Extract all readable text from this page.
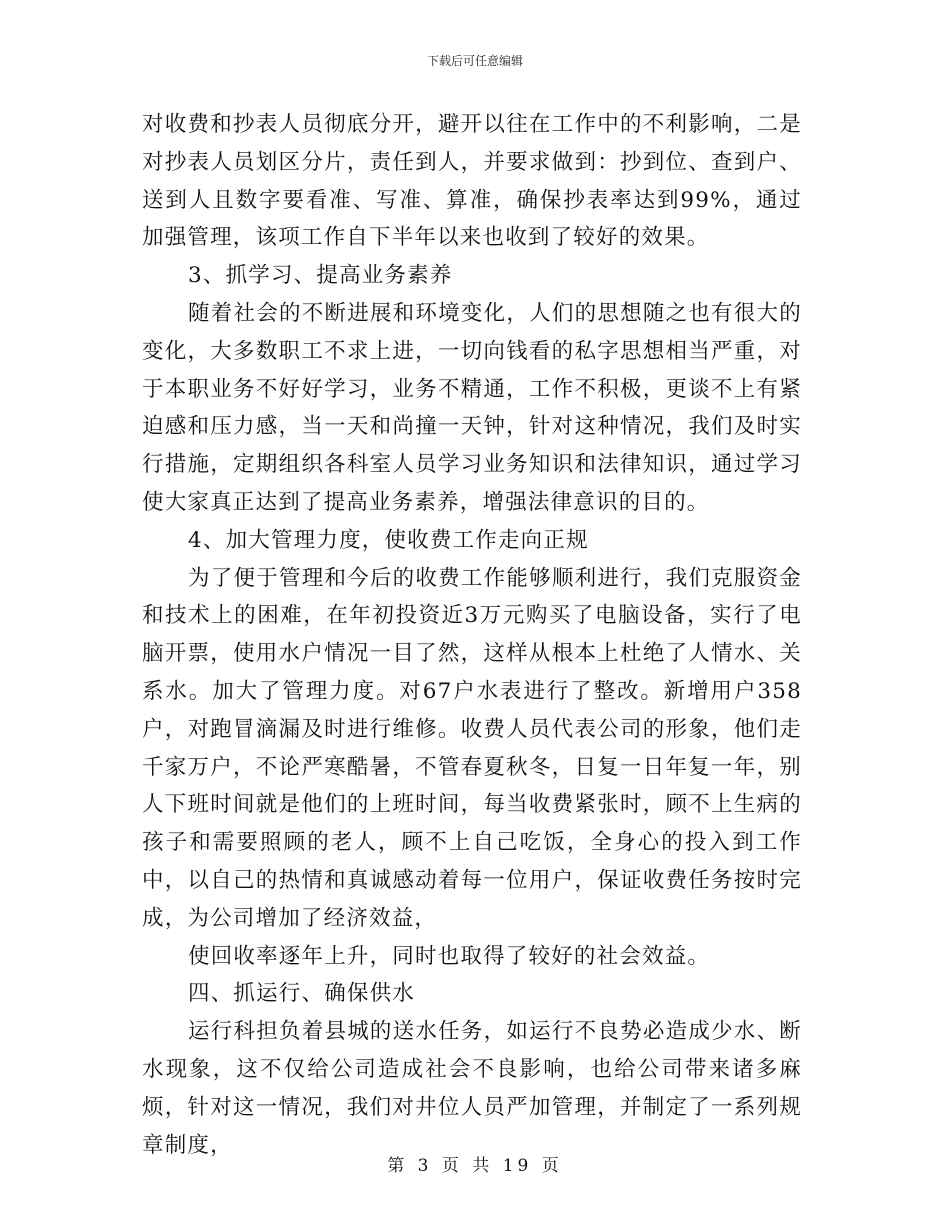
下载后可任意编辑

对收费和抄表人员彻底分开，避开以往在工作中的不利影响，二是对抄表人员划区分片，责任到人，并要求做到：抄到位、查到户、送到人且数字要看准、写准、算准，确保抄表率达到99%，通过加强管理，该项工作自下半年以来也收到了较好的效果。

3、抓学习、提高业务素养

随着社会的不断进展和环境变化，人们的思想随之也有很大的变化，大多数职工不求上进，一切向钱看的私字思想相当严重，对于本职业务不好好学习，业务不精通，工作不积极，更谈不上有紧迫感和压力感，当一天和尚撞一天钟，针对这种情况，我们及时实行措施，定期组织各科室人员学习业务知识和法律知识，通过学习使大家真正达到了提高业务素养，增强法律意识的目的。

4、加大管理力度，使收费工作走向正规

为了便于管理和今后的收费工作能够顺利进行，我们克服资金和技术上的困难，在年初投资近3万元购买了电脑设备，实行了电脑开票，使用水户情况一目了然，这样从根本上杜绝了人情水、关系水。加大了管理力度。对67户水表进行了整改。新增用户358户，对跑冒滴漏及时进行维修。收费人员代表公司的形象，他们走千家万户，不论严寒酷暑，不管春夏秋冬，日复一日年复一年，别人下班时间就是他们的上班时间，每当收费紧张时，顾不上生病的孩子和需要照顾的老人，顾不上自己吃饭，全身心的投入到工作中，以自己的热情和真诚感动着每一位用户，保证收费任务按时完成，为公司增加了经济效益，

使回收率逐年上升，同时也取得了较好的社会效益。

四、抓运行、确保供水

运行科担负着县城的送水任务，如运行不良势必造成少水、断水现象，这不仅给公司造成社会不良影响，也给公司带来诸多麻烦，针对这一情况，我们对井位人员严加管理，并制定了一系列规章制度，

第 3 页 共 19 页
